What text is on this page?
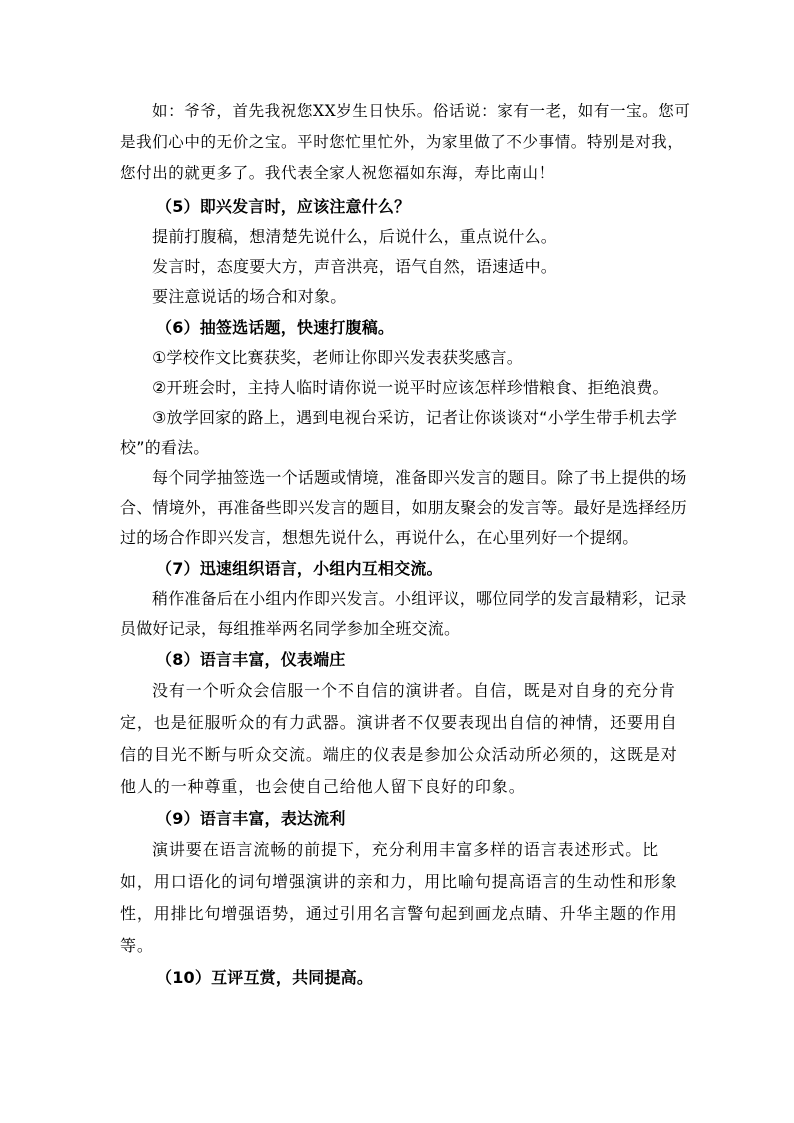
如：爷爷，首先我祝您XX岁生日快乐。俗话说：家有一老，如有一宝。您可是我们心中的无价之宝。平时您忙里忙外，为家里做了不少事情。特别是对我，您付出的就更多了。我代表全家人祝您福如东海，寿比南山！

（5）即兴发言时，应该注意什么？

提前打腹稿，想清楚先说什么，后说什么，重点说什么。

发言时，态度要大方，声音洪亮，语气自然，语速适中。

要注意说话的场合和对象。

（6）抽签选话题，快速打腹稿。

①学校作文比赛获奖，老师让你即兴发表获奖感言。

②开班会时，主持人临时请你说一说平时应该怎样珍惜粮食、拒绝浪费。

③放学回家的路上，遇到电视台采访，记者让你谈谈对“小学生带手机去学校”的看法。

每个同学抽签选一个话题或情境，准备即兴发言的题目。除了书上提供的场合、情境外，再准备些即兴发言的题目，如朋友聚会的发言等。最好是选择经历过的场合作即兴发言，想想先说什么，再说什么，在心里列好一个提纲。

（7）迅速组织语言，小组内互相交流。

稍作准备后在小组内作即兴发言。小组评议，哪位同学的发言最精彩，记录员做好记录，每组推举两名同学参加全班交流。

（8）语言丰富，仪表端庄

没有一个听众会信服一个不自信的演讲者。自信，既是对自身的充分肯定，也是征服听众的有力武器。演讲者不仅要表现出自信的神情，还要用自信的目光不断与听众交流。端庄的仪表是参加公众活动所必须的，这既是对他人的一种尊重，也会使自己给他人留下良好的印象。

（9）语言丰富，表达流利

演讲要在语言流畅的前提下，充分利用丰富多样的语言表述形式。比如，用口语化的词句增强演讲的亲和力，用比喻句提高语言的生动性和形象性，用排比句增强语势，通过引用名言警句起到画龙点睛、升华主题的作用等。

（10）互评互赏，共同提高。
